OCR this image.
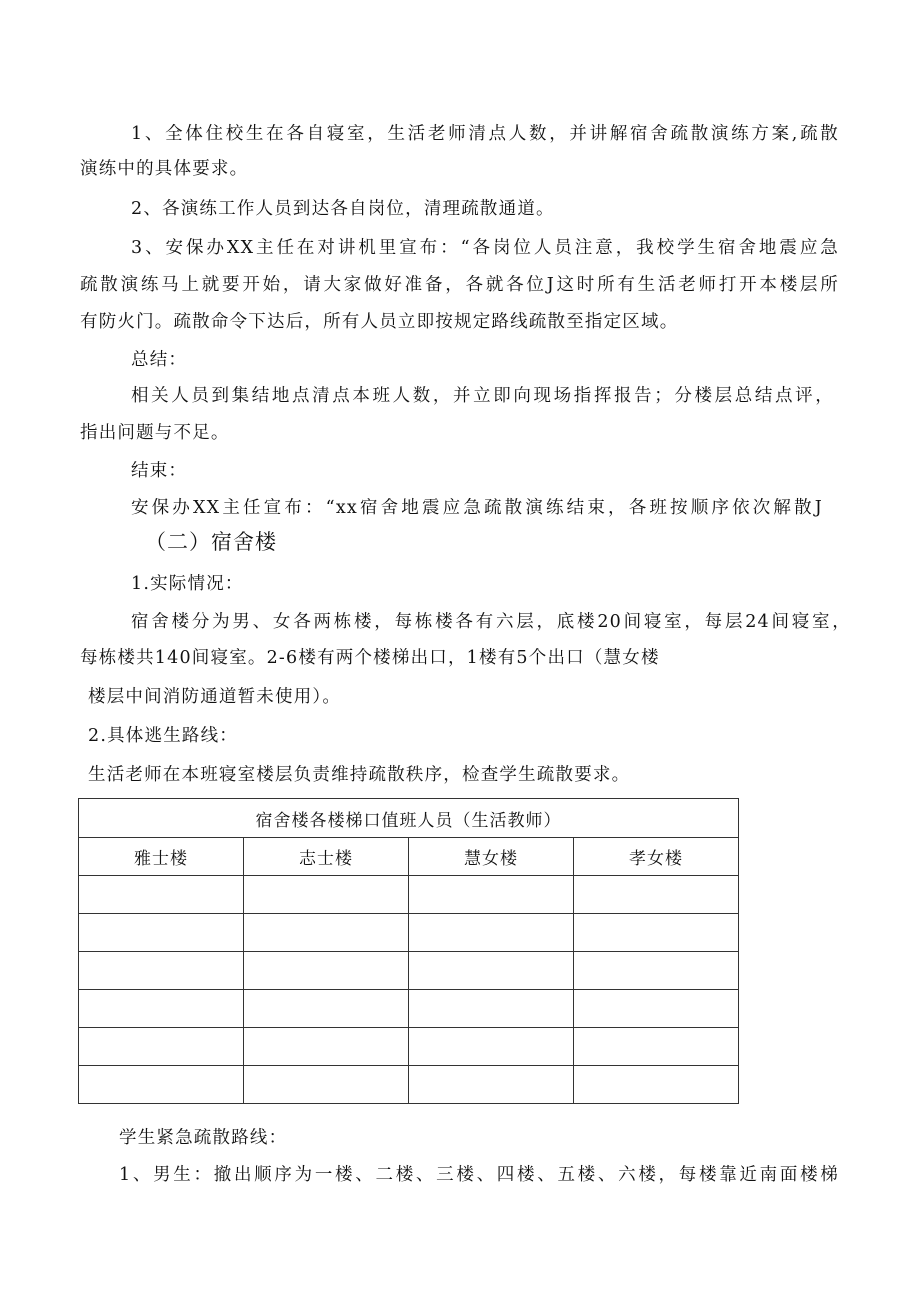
1、全体住校生在各自寝室，生活老师清点人数，并讲解宿舍疏散演练方案,疏散
演练中的具体要求。
2、各演练工作人员到达各自岗位，清理疏散通道。
3、安保办XX主任在对讲机里宣布：“各岗位人员注意，我校学生宿舍地震应急
疏散演练马上就要开始，请大家做好准备，各就各位J这时所有生活老师打开本楼层所
有防火门。疏散命令下达后，所有人员立即按规定路线疏散至指定区域。
总结：
相关人员到集结地点清点本班人数，并立即向现场指挥报告；分楼层总结点评，
指出问题与不足。
结束：
安保办XX主任宣布：“xx宿舍地震应急疏散演练结束，各班按顺序依次解散J
（二）宿舍楼
1.实际情况：
宿舍楼分为男、女各两栋楼，每栋楼各有六层，底楼20间寝室，每层24间寝室，
每栋楼共140间寝室。2-6楼有两个楼梯出口，1楼有5个出口（慧女楼
楼层中间消防通道暂未使用）。
2.具体逃生路线：
生活老师在本班寝室楼层负责维持疏散秩序，检查学生疏散要求。
宿舍楼各楼梯口值班人员（生活教师）			
雅士楼	志士楼	慧女楼	孝女楼

学生紧急疏散路线：
1、男生：撤出顺序为一楼、二楼、三楼、四楼、五楼、六楼，每楼靠近南面楼梯
